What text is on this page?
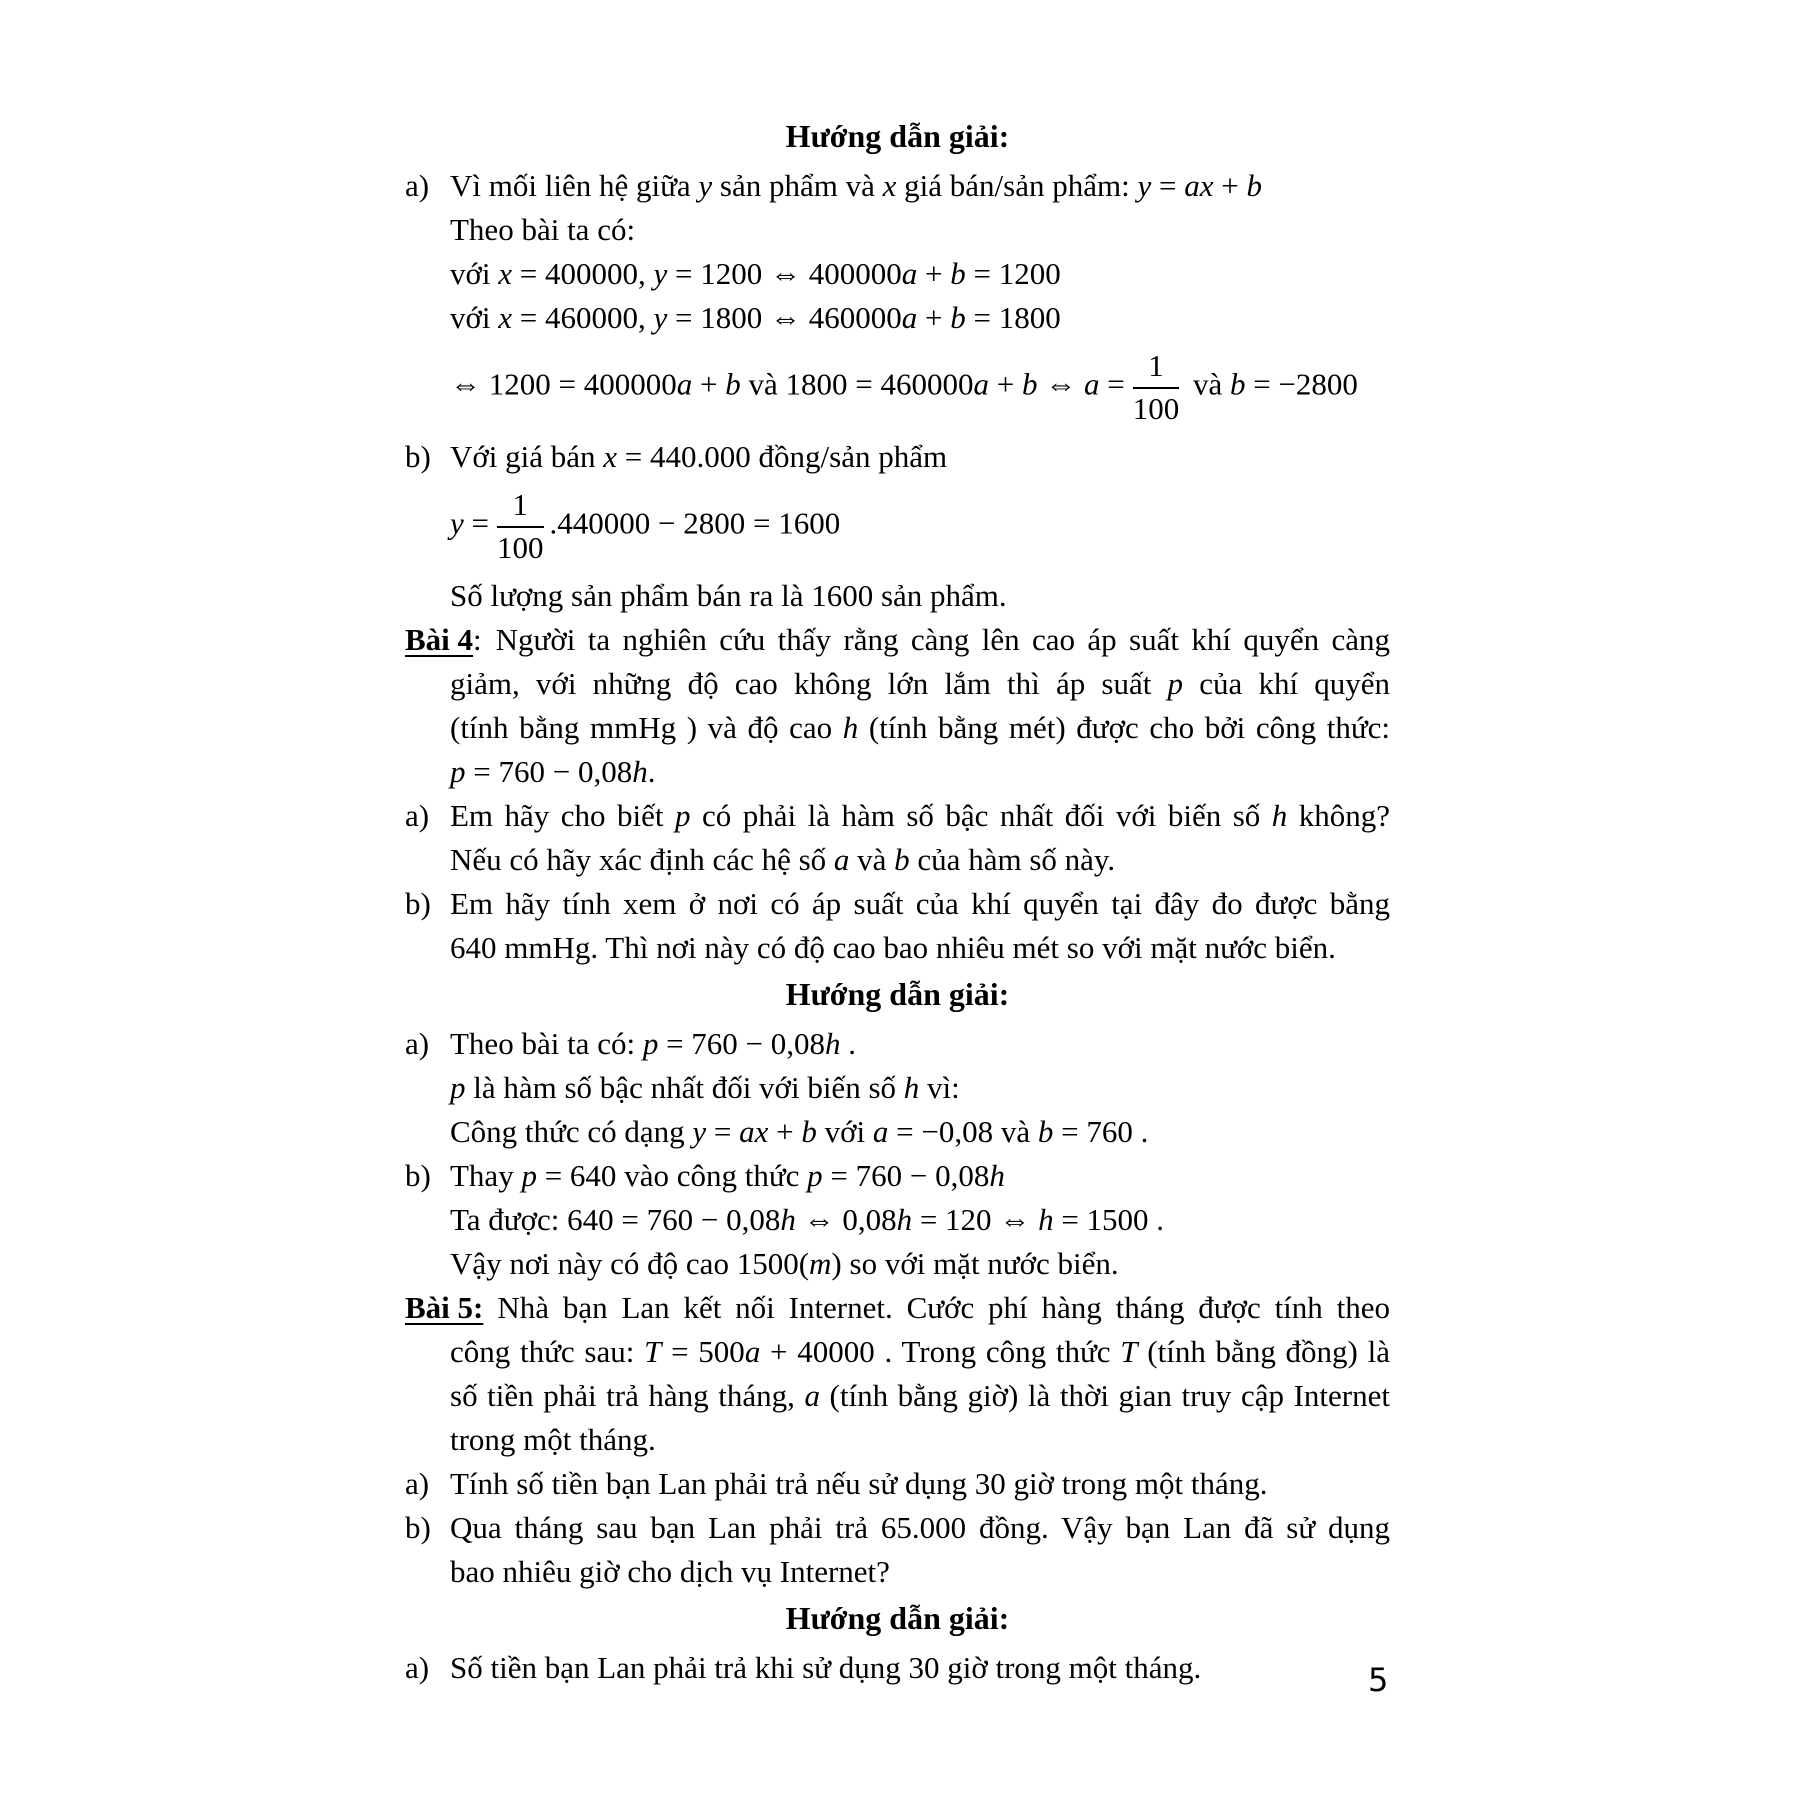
Hướng dẫn giải:
a) Vì mối liên hệ giữa y sản phẩm và x giá bán/sản phẩm: y = ax + b
Theo bài ta có:
với x = 400000, y = 1200 ⇔ 400000a + b = 1200
với x = 460000, y = 1800 ⇔ 460000a + b = 1800
⇔ 1200 = 400000a + b và 1800 = 460000a + b ⇔ $a = \frac{1}{100}$ và b = −2800
b) Với giá bán x = 440.000 đồng/sản phẩm
$y = \frac{1}{100} .440000 - 2800 = 1600$
Số lượng sản phẩm bán ra là 1600 sản phẩm.
Bài 4: Người ta nghiên cứu thấy rằng càng lên cao áp suất khí quyển càng
giảm, với những độ cao không lớn lắm thì áp suất p của khí quyển
(tính bằng mmHg ) và độ cao h (tính bằng mét) được cho bởi công thức:
p = 760 − 0,08h.
a) Em hãy cho biết p có phải là hàm số bậc nhất đối với biến số h không?
Nếu có hãy xác định các hệ số a và b của hàm số này.
b) Em hãy tính xem ở nơi có áp suất của khí quyển tại đây đo được bằng
640 mmHg. Thì nơi này có độ cao bao nhiêu mét so với mặt nước biển.
Hướng dẫn giải:
a) Theo bài ta có: p = 760 − 0,08h .
p là hàm số bậc nhất đối với biến số h vì:
Công thức có dạng y = ax + b với a = −0,08 và b = 760 .
b) Thay p = 640 vào công thức p = 760 − 0,08h
Ta được: 640 = 760 − 0,08h ⇔ 0,08h = 120 ⇔ h = 1500 .
Vậy nơi này có độ cao 1500(m) so với mặt nước biển.
Bài 5: Nhà bạn Lan kết nối Internet. Cước phí hàng tháng được tính theo
công thức sau: T = 500a + 40000 . Trong công thức T (tính bằng đồng) là
số tiền phải trả hàng tháng, a (tính bằng giờ) là thời gian truy cập Internet
trong một tháng.
a) Tính số tiền bạn Lan phải trả nếu sử dụng 30 giờ trong một tháng.
b) Qua tháng sau bạn Lan phải trả 65.000 đồng. Vậy bạn Lan đã sử dụng
bao nhiêu giờ cho dịch vụ Internet?
Hướng dẫn giải:
a) Số tiền bạn Lan phải trả khi sử dụng 30 giờ trong một tháng.	5
